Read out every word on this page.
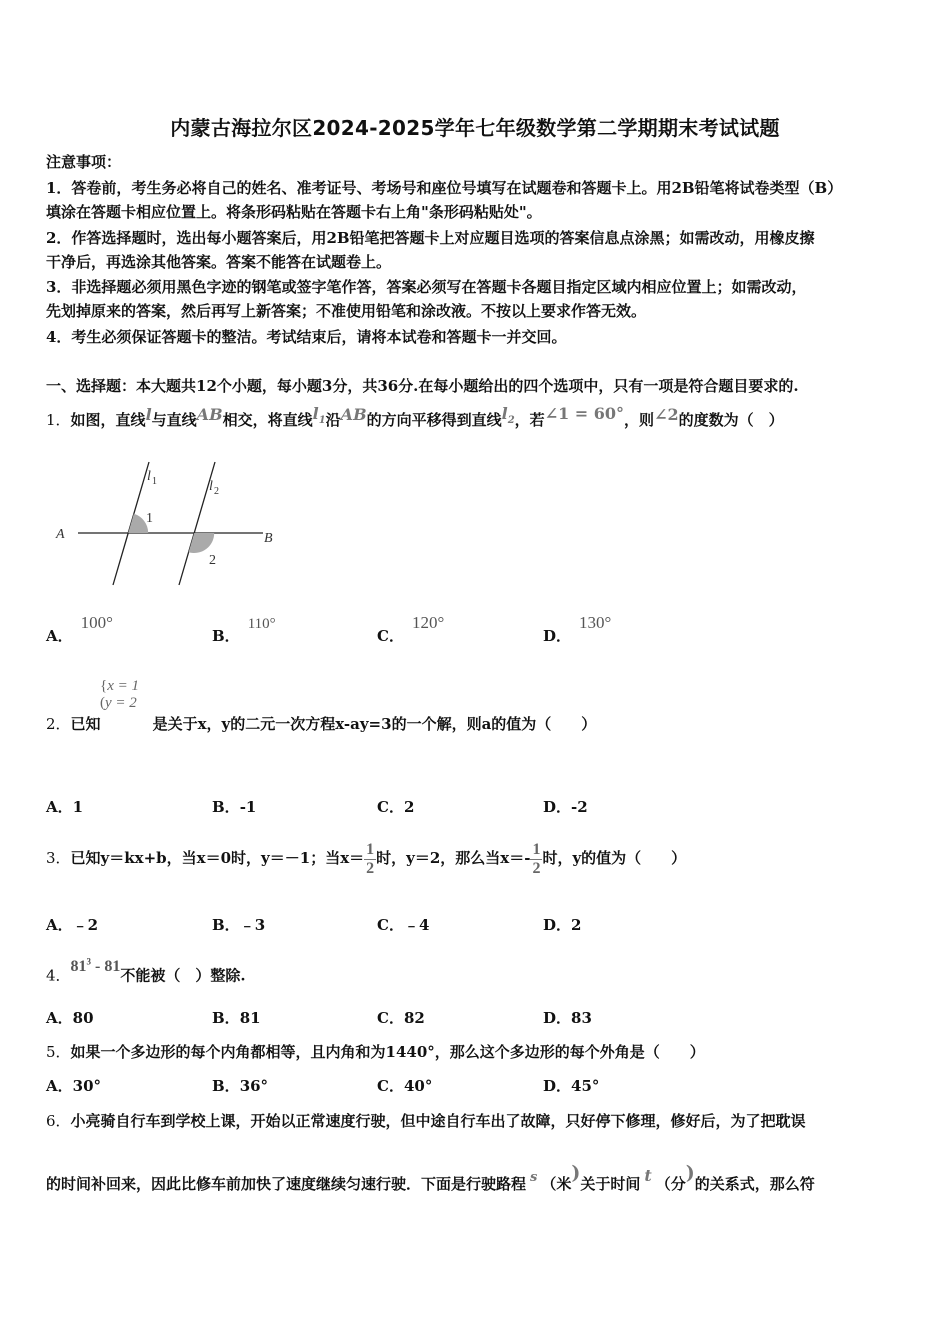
内蒙古海拉尔区2024-2025学年七年级数学第二学期期末考试试题
注意事项：
1．答卷前，考生务必将自己的姓名、准考证号、考场号和座位号填写在试题卷和答题卡上。用2B铅笔将试卷类型（B）
填涂在答题卡相应位置上。将条形码粘贴在答题卡右上角"条形码粘贴处"。
2．作答选择题时，选出每小题答案后，用2B铅笔把答题卡上对应题目选项的答案信息点涂黑；如需改动，用橡皮擦
干净后，再选涂其他答案。答案不能答在试题卷上。
3．非选择题必须用黑色字迹的钢笔或签字笔作答，答案必须写在答题卡各题目指定区域内相应位置上；如需改动，
先划掉原来的答案，然后再写上新答案；不准使用铅笔和涂改液。不按以上要求作答无效。
4．考生必须保证答题卡的整洁。考试结束后，请将本试卷和答题卡一并交回。
一、选择题：本大题共12个小题，每小题3分，共36分.在每小题给出的四个选项中，只有一项是符合题目要求的.
1．如图，直线l与直线AB相交，将直线$l_1$沿AB的方向平移得到直线$l_2$，若∠1 = 60°，则∠2的度数为（　）
A	B
l 1	l 2
1
2
A．100°
B．110°
C．120°
D．130°
{x = 1
(y = 2
2．已知	是关于x，y的二元一次方程x-ay=3的一个解，则a的值为（　　）
A．1	B．-1	C．2	D．-2
3．已知y＝kx+b，当x＝0时，y＝－1；当$x= \frac{1}{2}$ 时，y＝2，那么当$x=- \frac{1}{2}$ 时，y的值为（　　）
A．﹣2	B．﹣3	C．﹣4	D．2
4．$81^3 - 81$不能被（　）整除.
A．80	B．81	C．82	D．83
5．如果一个多边形的每个内角都相等，且内角和为1440°，那么这个多边形的每个外角是（　　）
A．30°	B．36°	C．40°	D．45°
6．小亮骑自行车到学校上课，开始以正常速度行驶，但中途自行车出了故障，只好停下修理，修好后，为了把耽误
的时间补回来，因此比修车前加快了速度继续匀速行驶．下面是行驶路程 s （米)关于时间 t （分)的关系式，那么符
